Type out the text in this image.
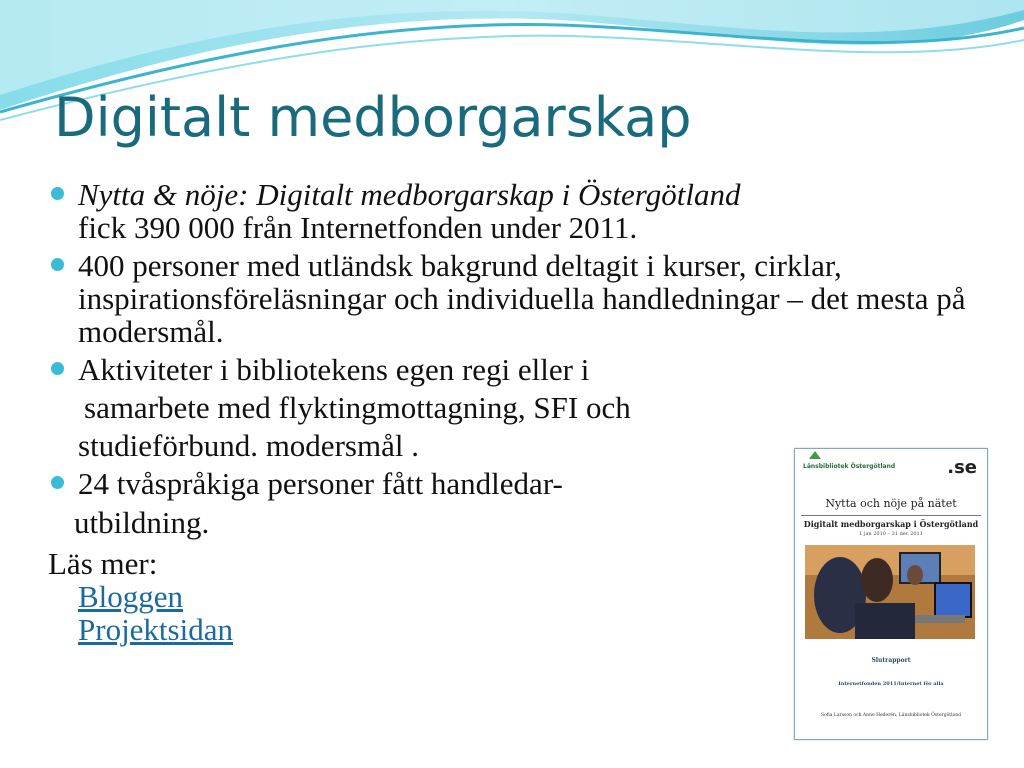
Digitalt medborgarskap
Nytta & nöje: Digitalt medborgarskap i Östergötland
fick 390 000 från Internetfonden under 2011.
400 personer med utländsk bakgrund deltagit i kurser, cirklar, inspirationsföreläsningar och individuella handledningar – det mesta på modersmål.
Aktiviteter i bibliotekens egen regi eller i
samarbete med flyktingmottagning, SFI och
studieförbund. modersmål .
24 tvåspråkiga personer fått handledar-
utbildning.
Läs mer:
Bloggen
Projektsidan
Länsbibliotek Östergötland	.se
Nytta och nöje på nätet
Digitalt medborgarskap i Östergötland
1 jan 2010 – 31 dec 2011
Slutrapport
Internetfonden 2011/Internet för alla
Sofia Larsson och Anne Hederén, Länsbibliotek Östergötland
